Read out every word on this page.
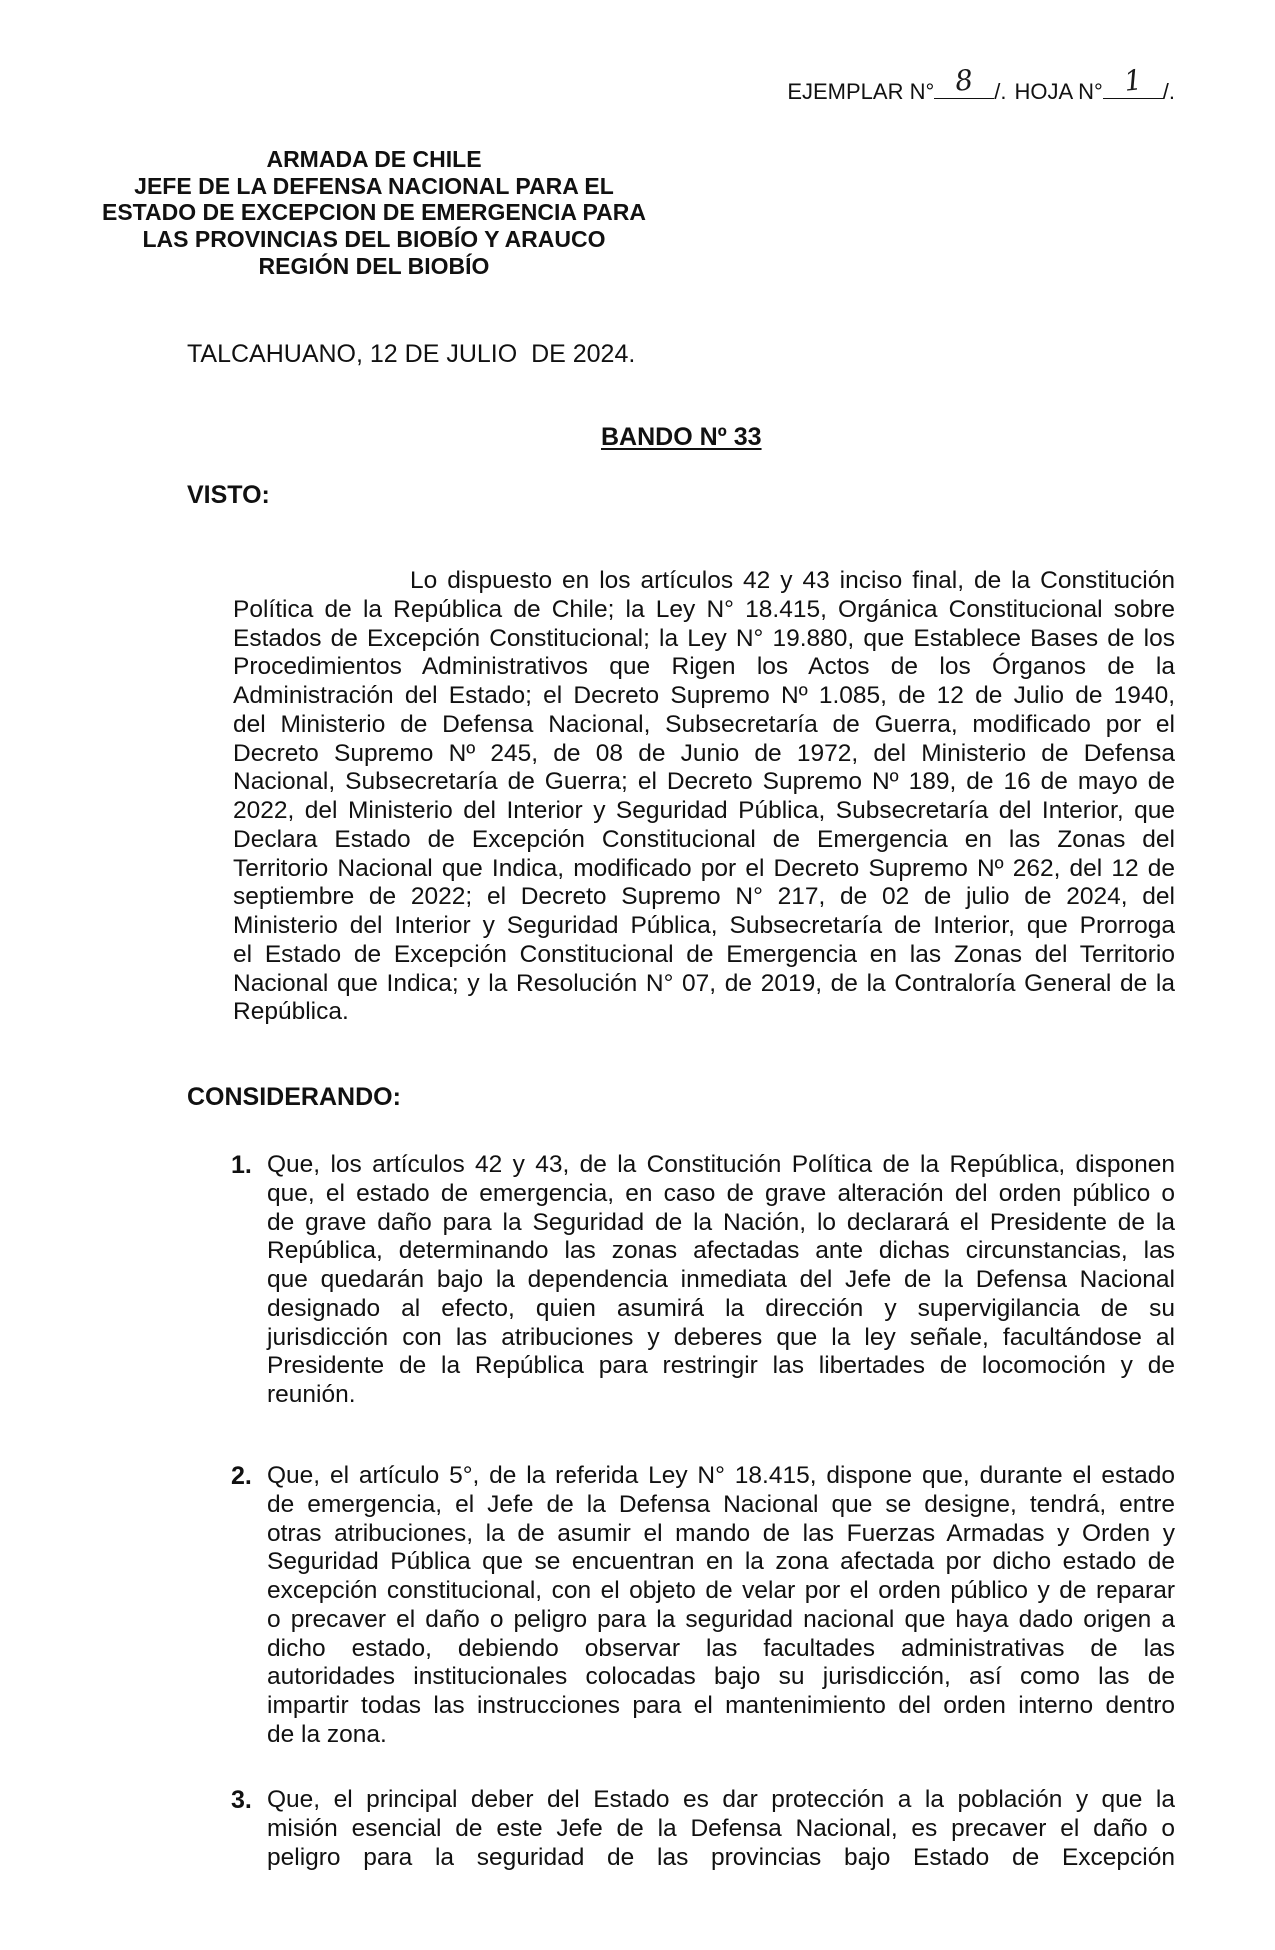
EJEMPLAR N° 8 /. HOJA N° 1 /.
ARMADA DE CHILE
JEFE DE LA DEFENSA NACIONAL PARA EL
ESTADO DE EXCEPCION DE EMERGENCIA PARA
LAS PROVINCIAS DEL BIOBÍO Y ARAUCO
REGIÓN DEL BIOBÍO
TALCAHUANO, 12 DE JULIO  DE 2024.
BANDO Nº 33
VISTO:
Lo dispuesto en los artículos 42 y 43 inciso final, de la Constitución
Política de la República de Chile; la Ley N° 18.415, Orgánica Constitucional sobre
Estados de Excepción Constitucional; la Ley N° 19.880, que Establece Bases de los
Procedimientos Administrativos que Rigen los Actos de los Órganos de la
Administración del Estado; el Decreto Supremo Nº 1.085, de 12 de Julio de 1940,
del Ministerio de Defensa Nacional, Subsecretaría de Guerra, modificado por el
Decreto Supremo Nº 245, de 08 de Junio de 1972, del Ministerio de Defensa
Nacional, Subsecretaría de Guerra; el Decreto Supremo Nº 189, de 16 de mayo de
2022, del Ministerio del Interior y Seguridad Pública, Subsecretaría del Interior, que
Declara Estado de Excepción Constitucional de Emergencia en las Zonas del
Territorio Nacional que Indica, modificado por el Decreto Supremo Nº 262, del 12 de
septiembre de 2022; el Decreto Supremo N° 217, de 02 de julio de 2024, del
Ministerio del Interior y Seguridad Pública, Subsecretaría de Interior, que Prorroga
el Estado de Excepción Constitucional de Emergencia en las Zonas del Territorio
Nacional que Indica; y la Resolución N° 07, de 2019, de la Contraloría General de la
República.
CONSIDERANDO:
1. Que, los artículos 42 y 43, de la Constitución Política de la República, disponen
que, el estado de emergencia, en caso de grave alteración del orden público o
de grave daño para la Seguridad de la Nación, lo declarará el Presidente de la
República, determinando las zonas afectadas ante dichas circunstancias, las
que quedarán bajo la dependencia inmediata del Jefe de la Defensa Nacional
designado al efecto, quien asumirá la dirección y supervigilancia de su
jurisdicción con las atribuciones y deberes que la ley señale, facultándose al
Presidente de la República para restringir las libertades de locomoción y de
reunión.
2. Que, el artículo 5°, de la referida Ley N° 18.415, dispone que, durante el estado
de emergencia, el Jefe de la Defensa Nacional que se designe, tendrá, entre
otras atribuciones, la de asumir el mando de las Fuerzas Armadas y Orden y
Seguridad Pública que se encuentran en la zona afectada por dicho estado de
excepción constitucional, con el objeto de velar por el orden público y de reparar
o precaver el daño o peligro para la seguridad nacional que haya dado origen a
dicho estado, debiendo observar las facultades administrativas de las
autoridades institucionales colocadas bajo su jurisdicción, así como las de
impartir todas las instrucciones para el mantenimiento del orden interno dentro
de la zona.
3. Que, el principal deber del Estado es dar protección a la población y que la
misión esencial de este Jefe de la Defensa Nacional, es precaver el daño o
peligro para la seguridad de las provincias bajo Estado de Excepción
